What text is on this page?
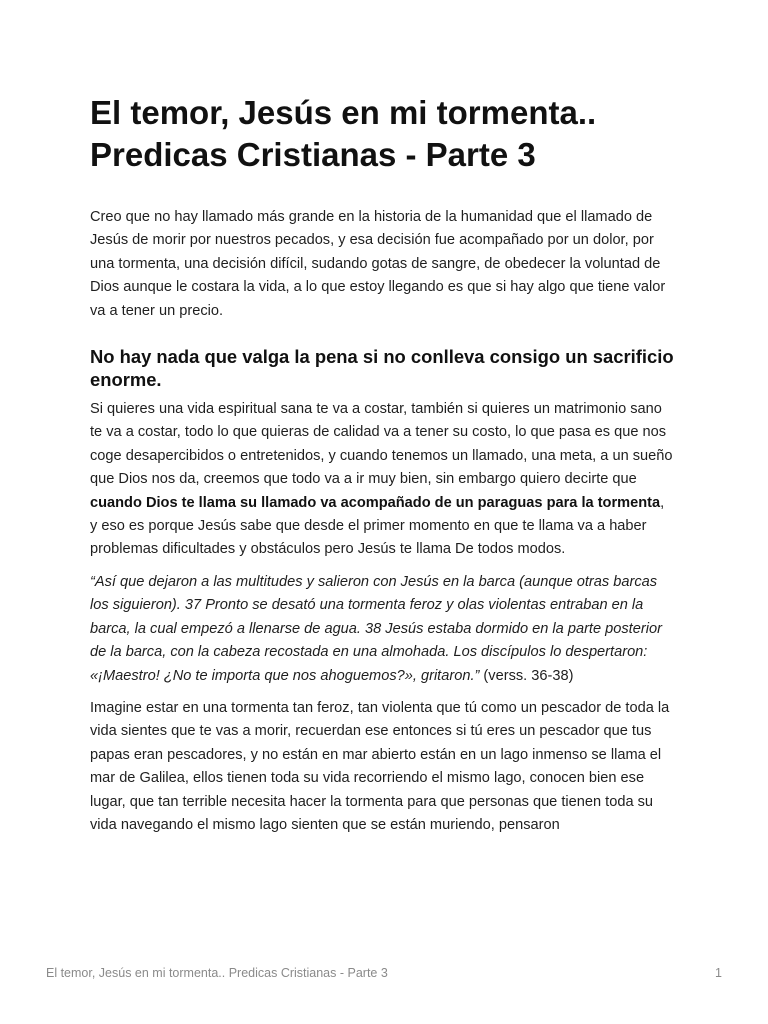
El temor, Jesús en mi tormenta..
Predicas Cristianas - Parte 3

Creo que no hay llamado más grande en la historia de la humanidad que el llamado de Jesús de morir por nuestros pecados, y esa decisión fue acompañado por un dolor, por una tormenta, una decisión difícil, sudando gotas de sangre, de obedecer la voluntad de Dios aunque le costara la vida, a lo que estoy llegando es que si hay algo que tiene valor va a tener un precio.

No hay nada que valga la pena si no conlleva consigo un sacrificio enorme.

Si quieres una vida espiritual sana te va a costar, también si quieres un matrimonio sano te va a costar, todo lo que quieras de calidad va a tener su costo, lo que pasa es que nos coge desapercibidos o entretenidos, y cuando tenemos un llamado, una meta, a un sueño que Dios nos da, creemos que todo va a ir muy bien, sin embargo quiero decirte que cuando Dios te llama su llamado va acompañado de un paraguas para la tormenta, y eso es porque Jesús sabe que desde el primer momento en que te llama va a haber problemas dificultades y obstáculos pero Jesús te llama De todos modos.

“Así que dejaron a las multitudes y salieron con Jesús en la barca (aunque otras barcas los siguieron). 37 Pronto se desató una tormenta feroz y olas violentas entraban en la barca, la cual empezó a llenarse de agua. 38 Jesús estaba dormido en la parte posterior de la barca, con la cabeza recostada en una almohada. Los discípulos lo despertaron: «¡Maestro! ¿No te importa que nos ahoguemos?», gritaron.” (verss. 36-38)

Imagine estar en una tormenta tan feroz, tan violenta que tú como un pescador de toda la vida sientes que te vas a morir, recuerdan ese entonces si tú eres un pescador que tus papas eran pescadores, y no están en mar abierto están en un lago inmenso se llama el mar de Galilea, ellos tienen toda su vida recorriendo el mismo lago, conocen bien ese lugar, que tan terrible necesita hacer la tormenta para que personas que tienen toda su vida navegando el mismo lago sienten que se están muriendo, pensaron

El temor, Jesús en mi tormenta.. Predicas Cristianas - Parte 3	1
